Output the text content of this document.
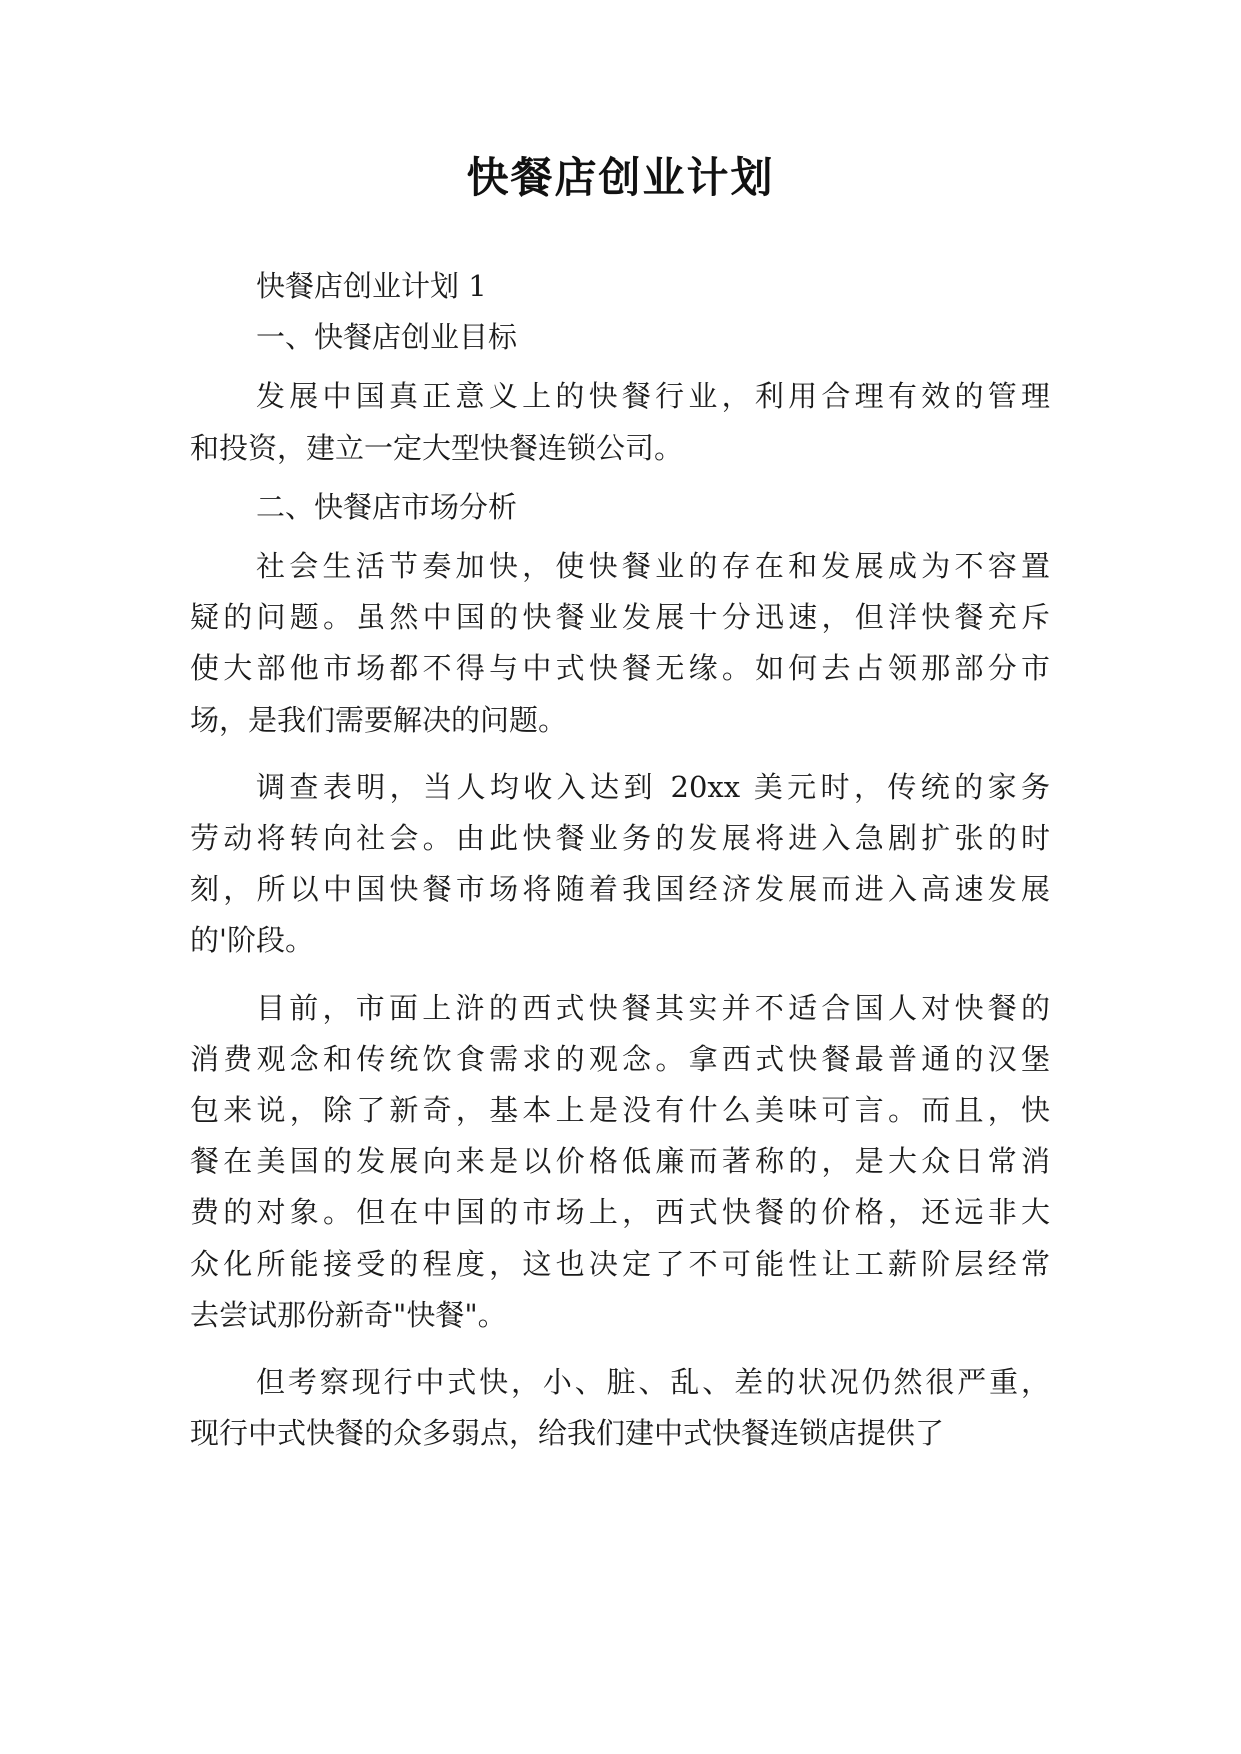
快餐店创业计划
快餐店创业计划 1
一、快餐店创业目标
发展中国真正意义上的快餐行业，利用合理有效的管理
和投资，建立一定大型快餐连锁公司。
二、快餐店市场分析
社会生活节奏加快，使快餐业的存在和发展成为不容置
疑的问题。虽然中国的快餐业发展十分迅速，但洋快餐充斥
使大部他市场都不得与中式快餐无缘。如何去占领那部分市
场，是我们需要解决的问题。
调查表明，当人均收入达到 20xx 美元时，传统的家务
劳动将转向社会。由此快餐业务的发展将进入急剧扩张的时
刻，所以中国快餐市场将随着我国经济发展而进入高速发展
的'阶段。
目前，市面上浒的西式快餐其实并不适合国人对快餐的
消费观念和传统饮食需求的观念。拿西式快餐最普通的汉堡
包来说，除了新奇，基本上是没有什么美味可言。而且，快
餐在美国的发展向来是以价格低廉而著称的，是大众日常消
费的对象。但在中国的市场上，西式快餐的价格，还远非大
众化所能接受的程度，这也决定了不可能性让工薪阶层经常
去尝试那份新奇"快餐"。
但考察现行中式快，小、脏、乱、差的状况仍然很严重，
现行中式快餐的众多弱点，给我们建中式快餐连锁店提供了
